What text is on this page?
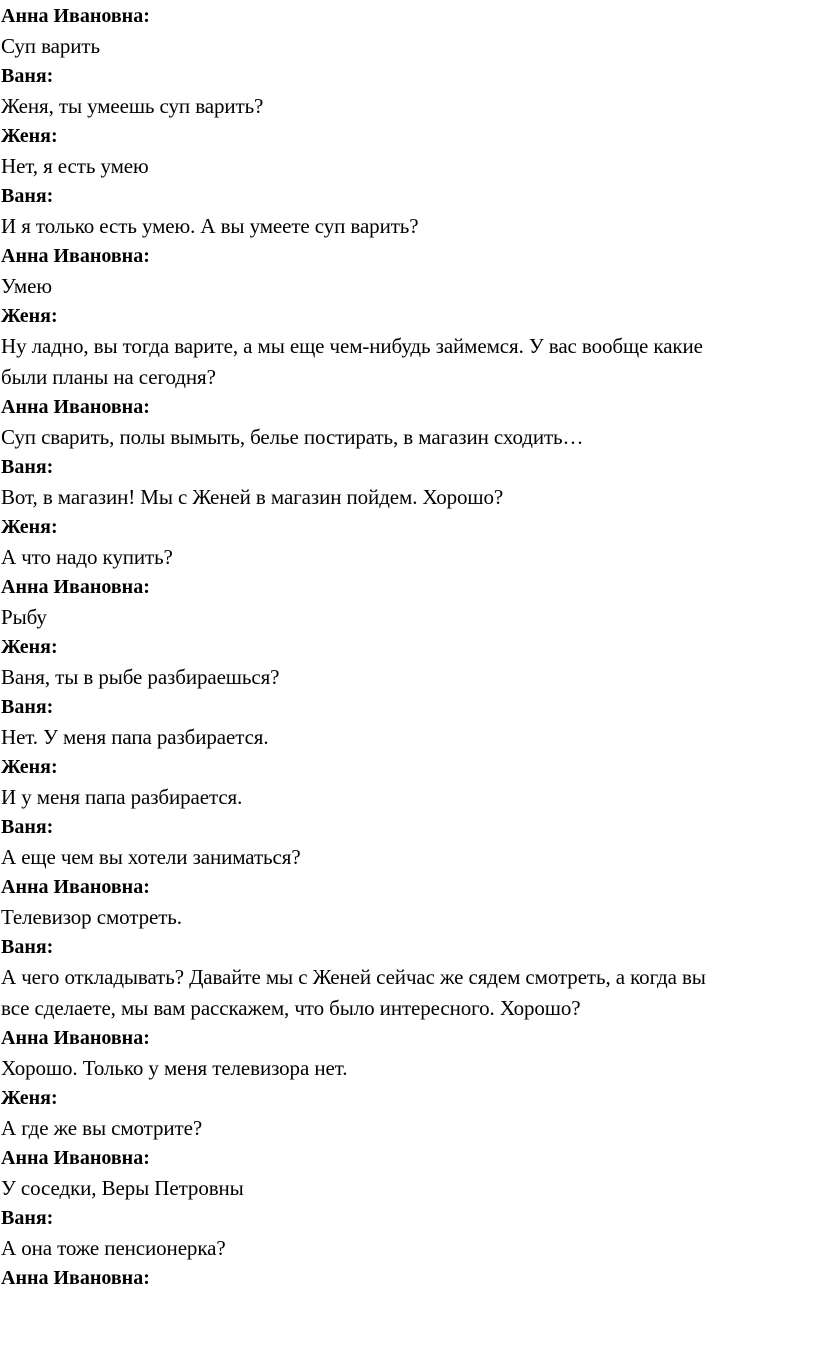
Анна Ивановна:
Суп варить
Ваня:
Женя, ты умеешь суп варить?
Женя:
Нет, я есть умею
Ваня:
И я только есть умею. А вы умеете суп варить?
Анна Ивановна:
Умею
Женя:
Ну ладно, вы тогда варите, а мы еще чем-нибудь займемся. У вас вообще какие
были планы на сегодня?
Анна Ивановна:
Суп сварить, полы вымыть, белье постирать, в магазин сходить…
Ваня:
Вот, в магазин! Мы с Женей в магазин пойдем. Хорошо?
Женя:
А что надо купить?
Анна Ивановна:
Рыбу
Женя:
Ваня, ты в рыбе разбираешься?
Ваня:
Нет. У меня папа разбирается.
Женя:
И у меня папа разбирается.
Ваня:
А еще чем вы хотели заниматься?
Анна Ивановна:
Телевизор смотреть.
Ваня:
А чего откладывать? Давайте мы с Женей сейчас же сядем смотреть, а когда вы
все сделаете, мы вам расскажем, что было интересного. Хорошо?
Анна Ивановна:
Хорошо. Только у меня телевизора нет.
Женя:
А где же вы смотрите?
Анна Ивановна:
У соседки, Веры Петровны
Ваня:
А она тоже пенсионерка?
Анна Ивановна:
